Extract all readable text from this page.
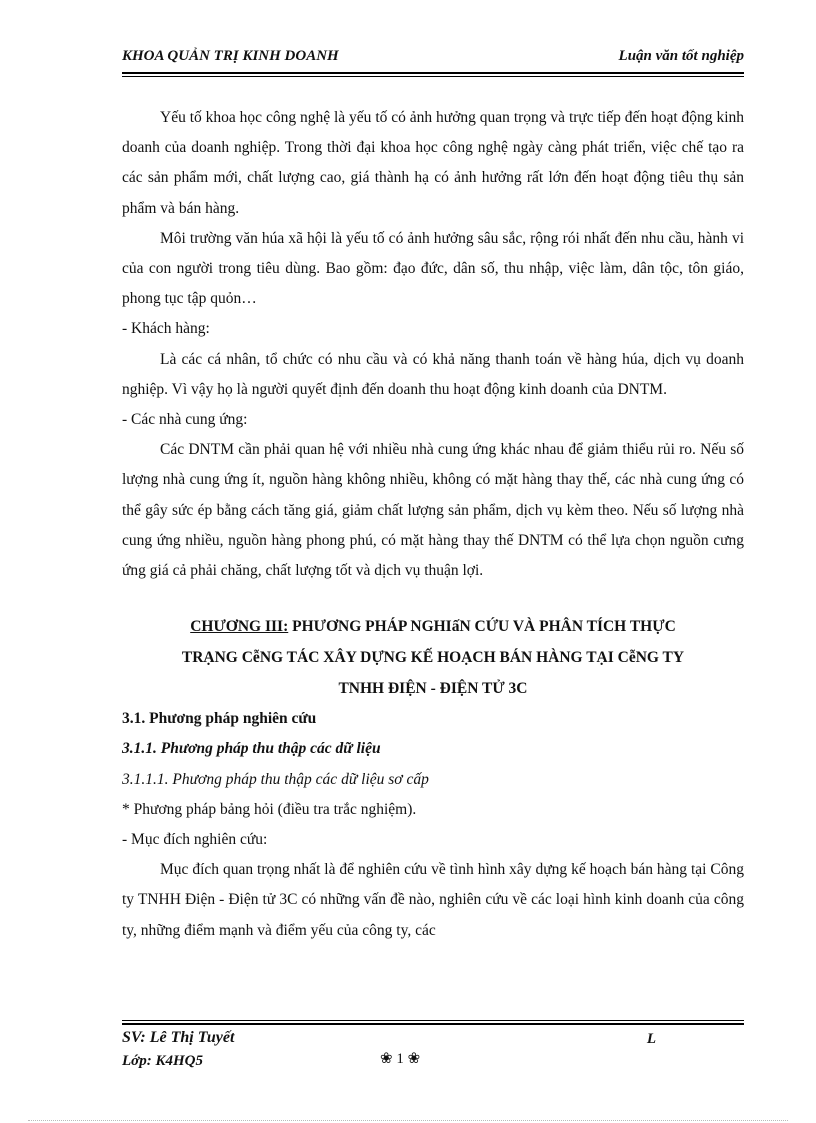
KHOA QUẢN TRỊ KINH DOANH	Luận văn tốt nghiệp

Yếu tố khoa học công nghệ là yếu tố có ảnh hưởng quan trọng và trực tiếp đến hoạt động kinh doanh của doanh nghiệp. Trong thời đại khoa học công nghệ ngày càng phát triển, việc chế tạo ra các sản phẩm mới, chất lượng cao, giá thành hạ có ảnh hưởng rất lớn đến hoạt động tiêu thụ sản phẩm và bán hàng.

Môi trường văn húa xã hội là yếu tố có ảnh hưởng sâu sắc, rộng rói nhất đến nhu cầu, hành vi của con người trong tiêu dùng. Bao gồm: đạo đức, dân số, thu nhập, việc làm, dân tộc, tôn giáo, phong tục tập quỏn…

- Khách hàng:

Là các cá nhân, tổ chức có nhu cầu và có khả năng thanh toán về hàng húa, dịch vụ doanh nghiệp. Vì vậy họ là người quyết định đến doanh thu hoạt động kinh doanh của DNTM.

- Các nhà cung ứng:

Các DNTM cần phải quan hệ với nhiều nhà cung ứng khác nhau để giảm thiểu rủi ro. Nếu số lượng nhà cung ứng ít, nguồn hàng không nhiều, không có mặt hàng thay thế, các nhà cung ứng có thể gây sức ép bằng cách tăng giá, giảm chất lượng sản phẩm, dịch vụ kèm theo. Nếu số lượng nhà cung ứng nhiều, nguồn hàng phong phú, có mặt hàng thay thế DNTM có thể lựa chọn nguồn cưng ứng giá cả phải chăng, chất lượng tốt và dịch vụ thuận lợi.

CHƯƠNG III: PHƯƠNG PHÁP NGHIấN CỨU VÀ PHÂN TÍCH THỰC
TRẠNG CễNG TÁC XÂY DỰNG KẾ HOẠCH BÁN HÀNG TẠI CễNG TY
TNHH ĐIỆN - ĐIỆN TỬ 3C

3.1. Phương pháp nghiên cứu

3.1.1. Phương pháp thu thập các dữ liệu

3.1.1.1. Phương pháp thu thập các dữ liệu sơ cấp

* Phương pháp bảng hỏi (điều tra trắc nghiệm).

- Mục đích nghiên cứu:

Mục đích quan trọng nhất là để nghiên cứu về tình hình xây dựng kế hoạch bán hàng tại Công ty TNHH Điện - Điện tử 3C có những vấn đề nào, nghiên cứu về các loại hình kinh doanh của công ty, những điểm mạnh và điểm yếu của công ty, các

SV: Lê Thị Tuyết
Lớp: K4HQ5
L
❀ 1 ❀
